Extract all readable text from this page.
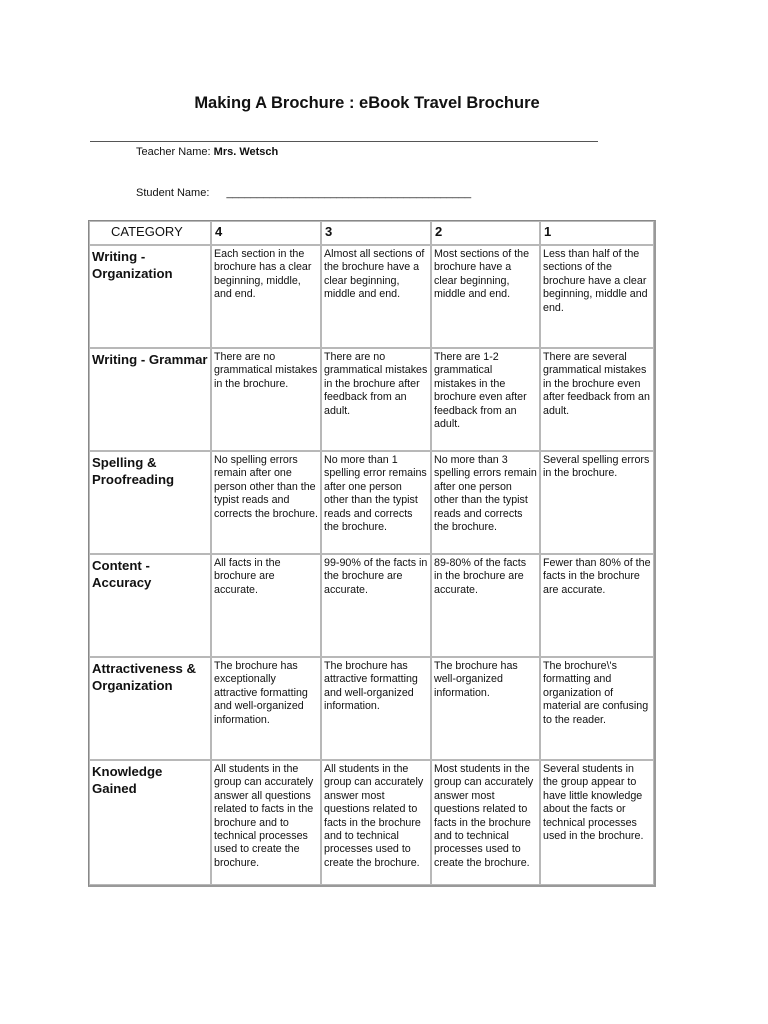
Making A Brochure : eBook Travel Brochure
Teacher Name: Mrs. Wetsch
Student Name: ________________________________________
CATEGORY	4	3	2	1
Writing - Organization	Each section in the brochure has a clear beginning, middle, and end.	Almost all sections of the brochure have a clear beginning, middle and end.	Most sections of the brochure have a clear beginning, middle and end.	Less than half of the sections of the brochure have a clear beginning, middle and end.
Writing - Grammar	There are no grammatical mistakes in the brochure.	There are no grammatical mistakes in the brochure after feedback from an adult.	There are 1-2 grammatical mistakes in the brochure even after feedback from an adult.	There are several grammatical mistakes in the brochure even after feedback from an adult.
Spelling & Proofreading	No spelling errors remain after one person other than the typist reads and corrects the brochure.	No more than 1 spelling error remains after one person other than the typist reads and corrects the brochure.	No more than 3 spelling errors remain after one person other than the typist reads and corrects the brochure.	Several spelling errors in the brochure.
Content - Accuracy	All facts in the brochure are accurate.	99-90% of the facts in the brochure are accurate.	89-80% of the facts in the brochure are accurate.	Fewer than 80% of the facts in the brochure are accurate.
Attractiveness & Organization	The brochure has exceptionally attractive formatting and well-organized information.	The brochure has attractive formatting and well-organized information.	The brochure has well-organized information.	The brochure\'s formatting and organization of material are confusing to the reader.
Knowledge Gained	All students in the group can accurately answer all questions related to facts in the brochure and to technical processes used to create the brochure.	All students in the group can accurately answer most questions related to facts in the brochure and to technical processes used to create the brochure.	Most students in the group can accurately answer most questions related to facts in the brochure and to technical processes used to create the brochure.	Several students in the group appear to have little knowledge about the facts or technical processes used in the brochure.
